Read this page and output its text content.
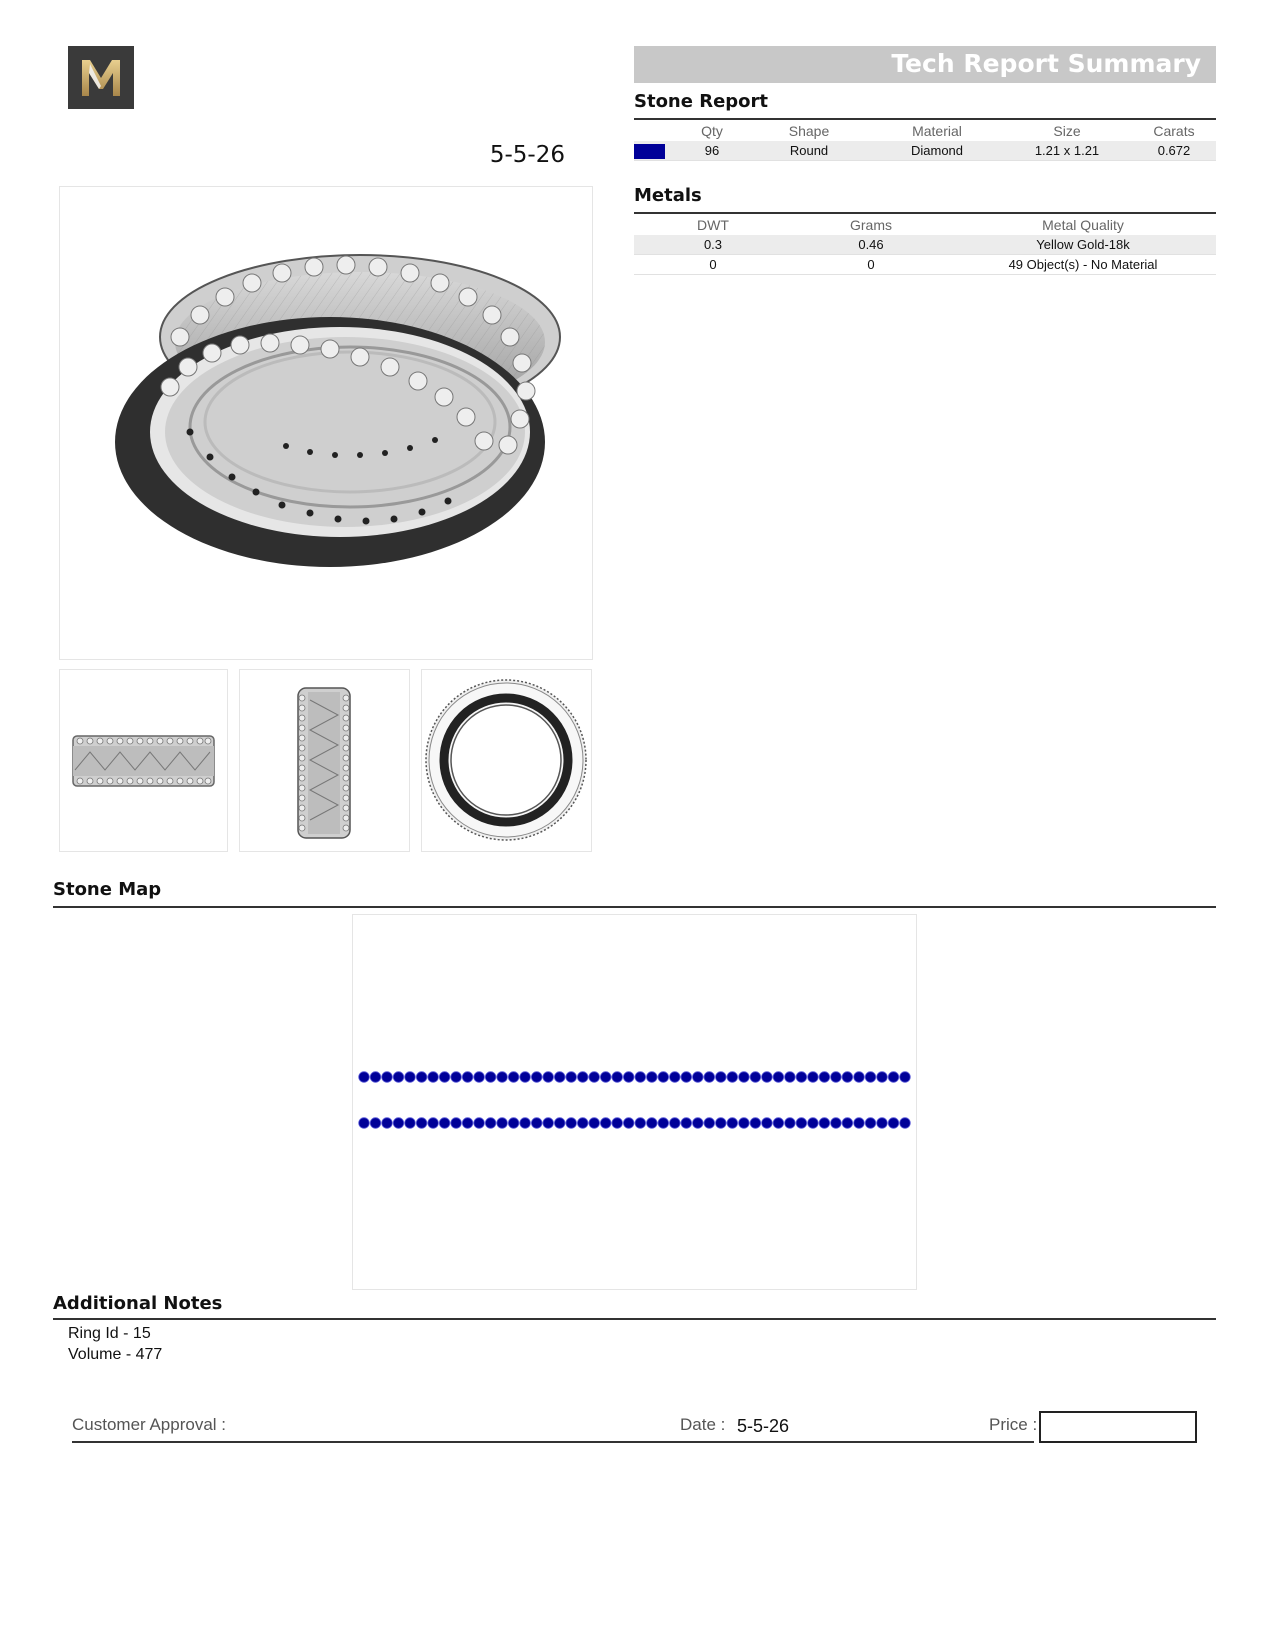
5-5-26
Tech Report Summary
Stone Report
	Qty	Shape	Material	Size	Carats
	96	Round	Diamond	1.21 x 1.21	0.672
Metals
DWT	Grams	Metal Quality
0.3	0.46	Yellow Gold-18k
0	0	49 Object(s) - No Material
Stone Map
Additional Notes
Ring Id - 15
Volume - 477
Customer Approval :	Date : 5-5-26	Price :
